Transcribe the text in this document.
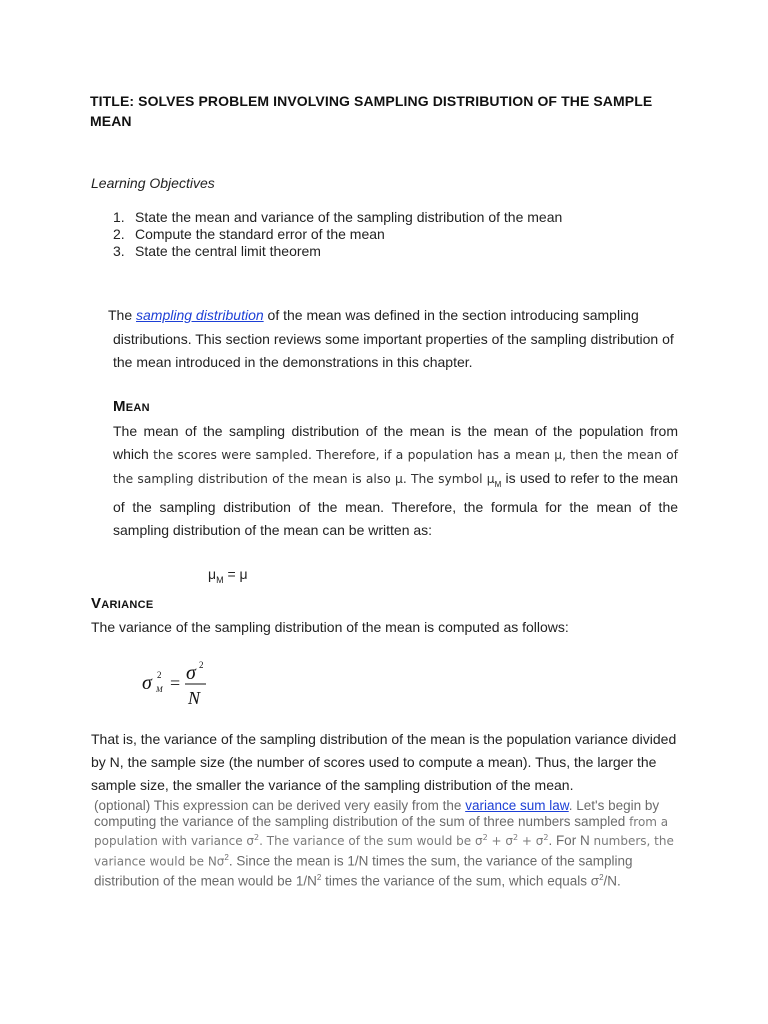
TITLE: SOLVES PROBLEM INVOLVING SAMPLING DISTRIBUTION OF THE SAMPLE MEAN
Learning Objectives
1. State the mean and variance of the sampling distribution of the mean
2. Compute the standard error of the mean
3. State the central limit theorem
The sampling distribution of the mean was defined in the section introducing sampling
distributions. This section reviews some important properties of the sampling distribution of
the mean introduced in the demonstrations in this chapter.
Mean
The mean of the sampling distribution of the mean is the mean of the population from which the scores were sampled. Therefore, if a population has a mean μ, then the mean of the sampling distribution of the mean is also μ. The symbol $\mu_M$ is used to refer to the mean of the sampling distribution of the mean. Therefore, the formula for the mean of the sampling distribution of the mean can be written as:
$\mu_M = \mu$
Variance
The variance of the sampling distribution of the mean is computed as follows:
σ 2
M = σ 2
N
That is, the variance of the sampling distribution of the mean is the population variance divided by N, the sample size (the number of scores used to compute a mean). Thus, the larger the sample size, the smaller the variance of the sampling distribution of the mean.
(optional) This expression can be derived very easily from the variance sum law. Let's begin by computing the variance of the sampling distribution of the sum of three numbers sampled from a population with variance $\sigma^2$. The variance of the sum would be $\sigma^2 + \sigma^2 + \sigma^2$. For N numbers, the variance would be $N\sigma^2$. Since the mean is 1/N times the sum, the variance of the sampling distribution of the mean would be $1/N^2$ times the variance of the sum, which equals $\sigma^2/N$.
